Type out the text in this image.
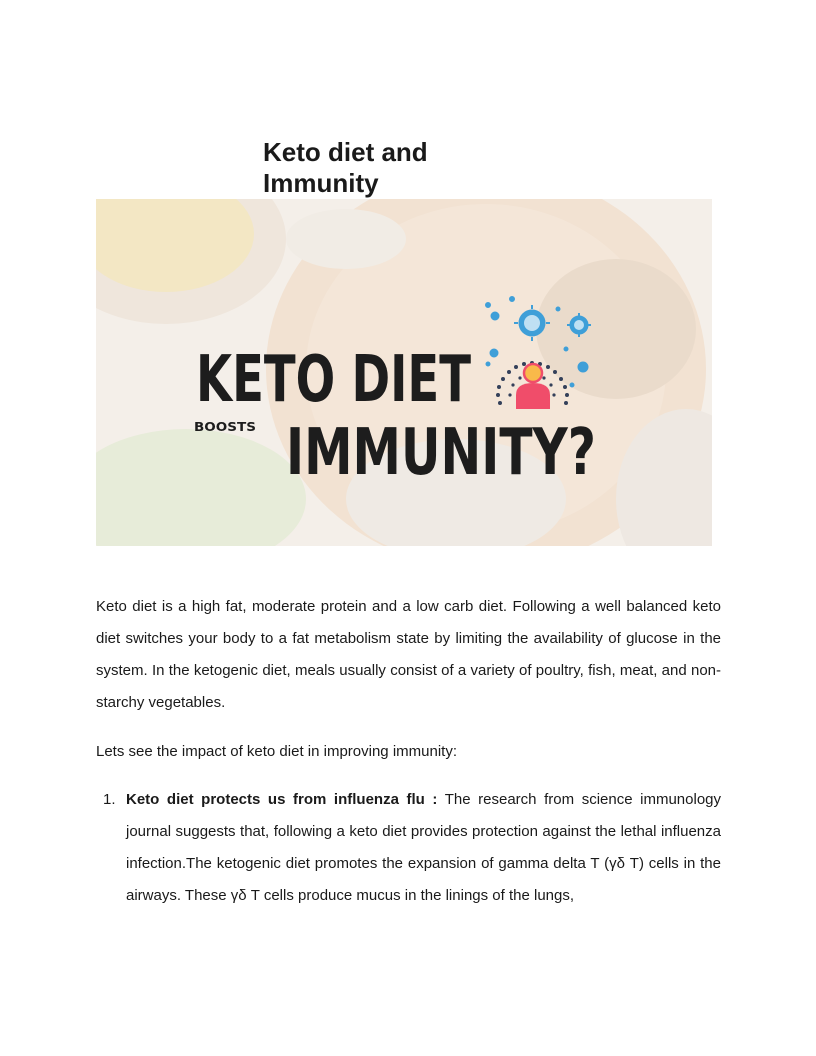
Keto diet and Immunity
KETO DIET
BOOSTS IMMUNITY?

Keto diet is a high fat, moderate protein and a low carb diet. Following a well balanced keto diet switches your body to a fat metabolism state by limiting the availability of glucose in the system. In the ketogenic diet, meals usually consist of a variety of poultry, fish, meat, and non-starchy vegetables.

Lets see the impact of keto diet in improving immunity:

1. Keto diet protects us from influenza flu : The research from science immunology journal suggests that, following a keto diet provides protection against the lethal influenza infection.The ketogenic diet promotes the expansion of gamma delta T (γδ T) cells in the airways. These γδ T cells produce mucus in the linings of the lungs,
